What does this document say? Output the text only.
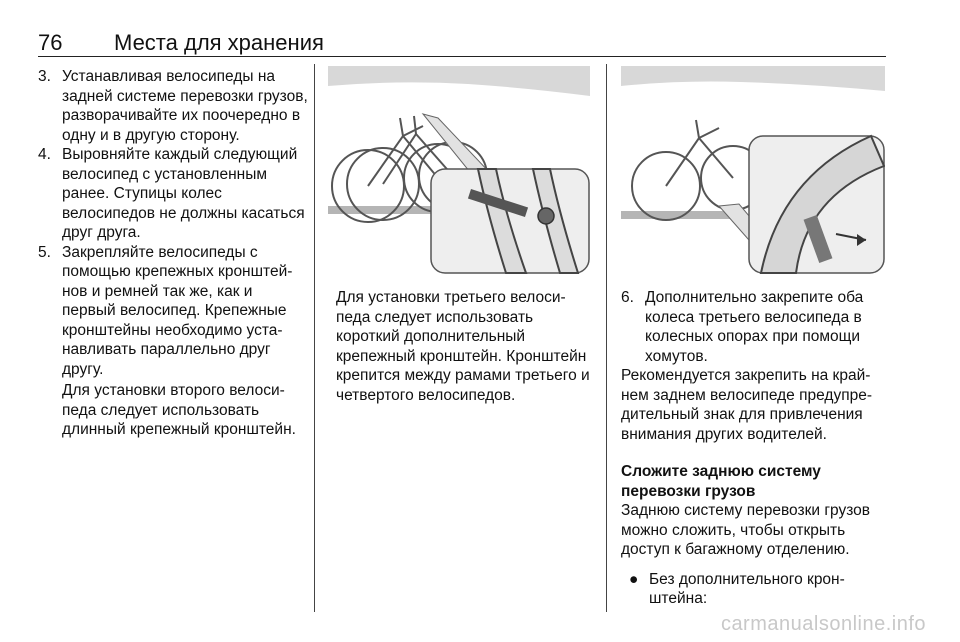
76 Места для хранения
3. Устанавливая велосипеды на задней системе перевозки грузов, разворачивайте их поочередно в одну и в другую сторону.
4. Выровняйте каждый следующий велосипед с установленным ранее. Ступицы колес велосипедов не должны касаться друг друга.
5. Закрепляйте велосипеды с помощью крепежных кронштейнов и ремней так же, как и первый велосипед. Крепежные кронштейны необходимо устанавливать параллельно друг другу.
Для установки второго велосипеда следует использовать длинный крепежный кронштейн.
Для установки третьего велосипеда следует использовать короткий дополнительный крепежный кронштейн. Кронштейн крепится между рамами третьего и четвертого велосипедов.
6. Дополнительно закрепите оба колеса третьего велосипеда в колесных опорах при помощи хомутов.

Рекомендуется закрепить на крайнем заднем велосипеде предупредительный знак для привлечения внимания других водителей.

Сложите заднюю систему перевозки грузов

Заднюю систему перевозки грузов можно сложить, чтобы открыть доступ к багажному отделению.

● Без дополнительного кронштейна:
carmanualsonline.info
